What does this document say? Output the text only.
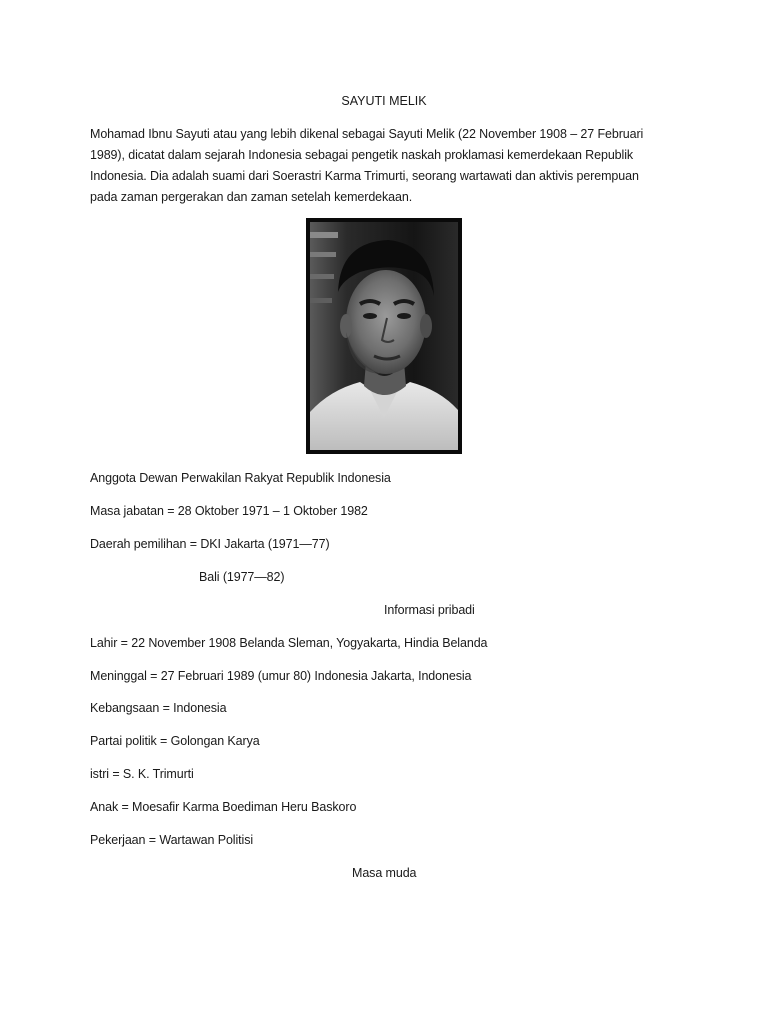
SAYUTI MELIK
Mohamad Ibnu Sayuti atau yang lebih dikenal sebagai Sayuti Melik (22 November 1908 – 27 Februari
1989), dicatat dalam sejarah Indonesia sebagai pengetik naskah proklamasi kemerdekaan Republik
Indonesia. Dia adalah suami dari Soerastri Karma Trimurti, seorang wartawati dan aktivis perempuan
pada zaman pergerakan dan zaman setelah kemerdekaan.
Anggota Dewan Perwakilan Rakyat Republik Indonesia
Masa jabatan = 28 Oktober 1971 – 1 Oktober 1982
Daerah pemilihan = DKI Jakarta (1971—77)
Bali (1977—82)
Informasi pribadi
Lahir = 22 November 1908 Belanda Sleman, Yogyakarta, Hindia Belanda
Meninggal = 27 Februari 1989 (umur 80) Indonesia Jakarta, Indonesia
Kebangsaan = Indonesia
Partai politik = Golongan Karya
istri = S. K. Trimurti
Anak = Moesafir Karma Boediman Heru Baskoro
Pekerjaan = Wartawan Politisi
Masa muda
